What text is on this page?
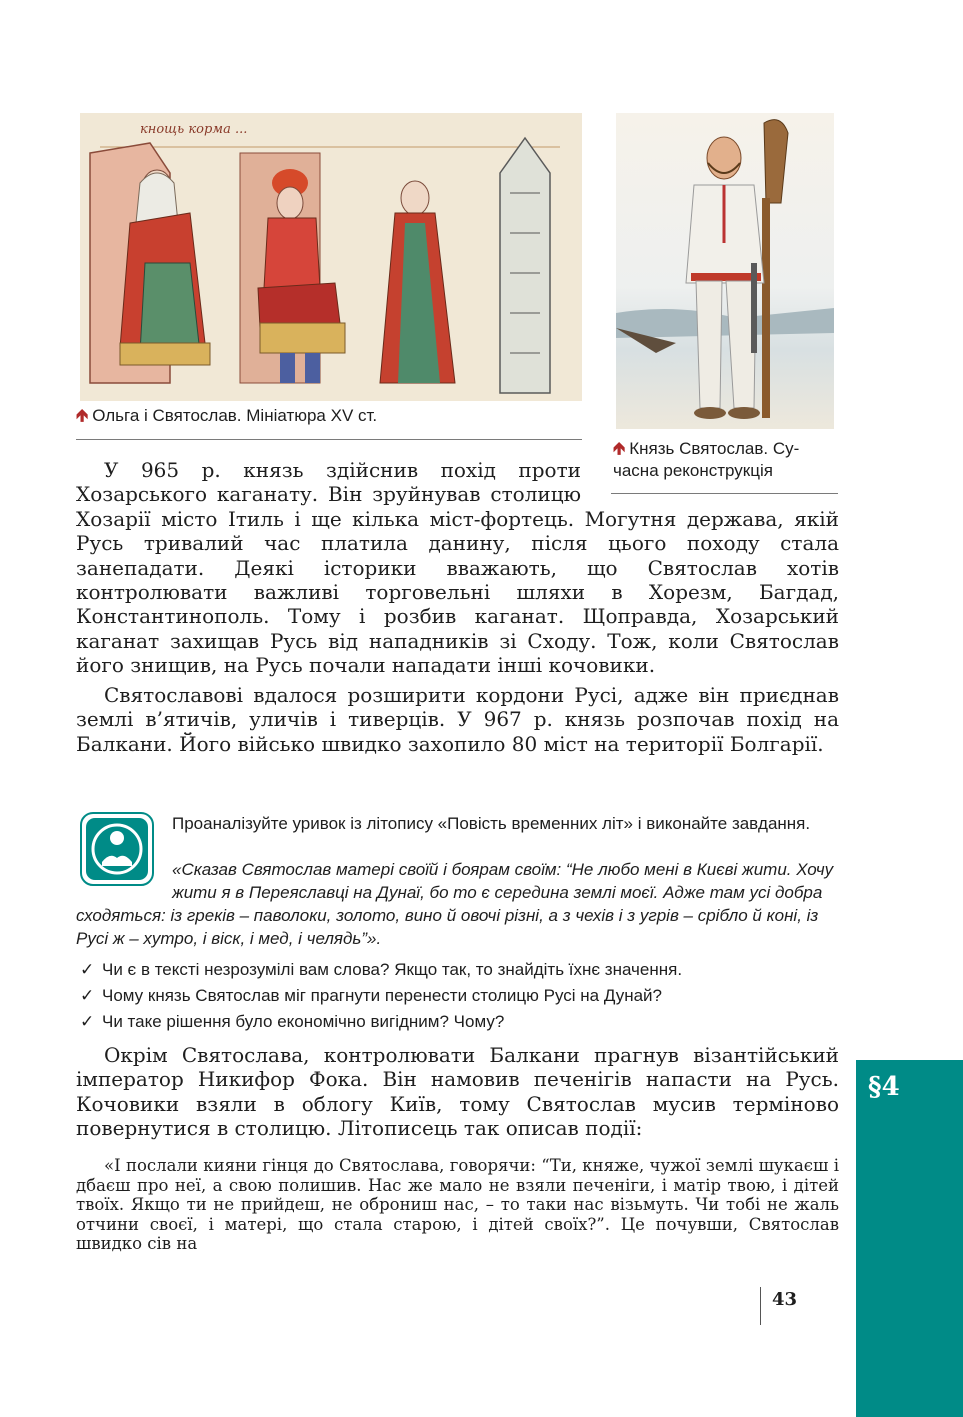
кнощь корма ...
🡹 Ольга і Святослав. Мініатюра XV ст.
🡹 Князь Святослав. Су-
часна реконструкція
У 965 р. князь здійснив похід проти Хозарського каганату. Він зруйнував столицю Хозарії місто Ітиль і ще кілька міст-фортець. Могутня держава, якій Русь тривалий час платила данину, після цього походу стала занепадати. Деякі історики вважають, що Святослав хотів контролювати важливі торговельні шляхи в Хорезм, Багдад, Константинополь. Тому і розбив каганат. Щоправда, Хозарський каганат захищав Русь від нападників зі Сходу. Тож, коли Святослав його знищив, на Русь почали нападати інші кочовики.
Святославові вдалося розширити кордони Русі, адже він приєднав землі в’ятичів, уличів і тиверців. У 967 р. князь розпочав похід на Балкани. Його військо швидко захопило 80 міст на території Болгарії.
Проаналізуйте уривок із літопису «Повість временних літ» і виконайте завдання.
«Сказав Святослав матері своїй і боярам своїм: “Не любо мені в Києві жити. Хочу жити я в Переяславці на Дунаї, бо то є середина землі моєї. Адже там усі добра сходяться: із греків – паволоки, золото, вино й овочі різні, а з чехів і з угрів – срібло й коні, із Русі ж – хутро, і віск, і мед, і челядь”».
✓ Чи є в тексті незрозумілі вам слова? Якщо так, то знайдіть їхнє значення.
✓ Чому князь Святослав міг прагнути перенести столицю Русі на Дунай?
✓ Чи таке рішення було економічно вигідним? Чому?
Окрім Святослава, контролювати Балкани прагнув візантійський імператор Никифор Фока. Він намовив печенігів напасти на Русь. Кочовики взяли в облогу Київ, тому Святослав мусив терміново повернутися в столицю. Літописець так описав події:
«І послали кияни гінця до Святослава, говорячи: “Ти, княже, чужої землі шукаєш і дбаєш про неї, а свою полишив. Нас же мало не взяли печеніги, і матір твою, і дітей твоїх. Якщо ти не прийдеш, не оброниш нас, – то таки нас візьмуть. Чи тобі не жаль отчини своєї, і матері, що стала старою, і дітей своїх?”. Це почувши, Святослав швидко сів на
§4
43
